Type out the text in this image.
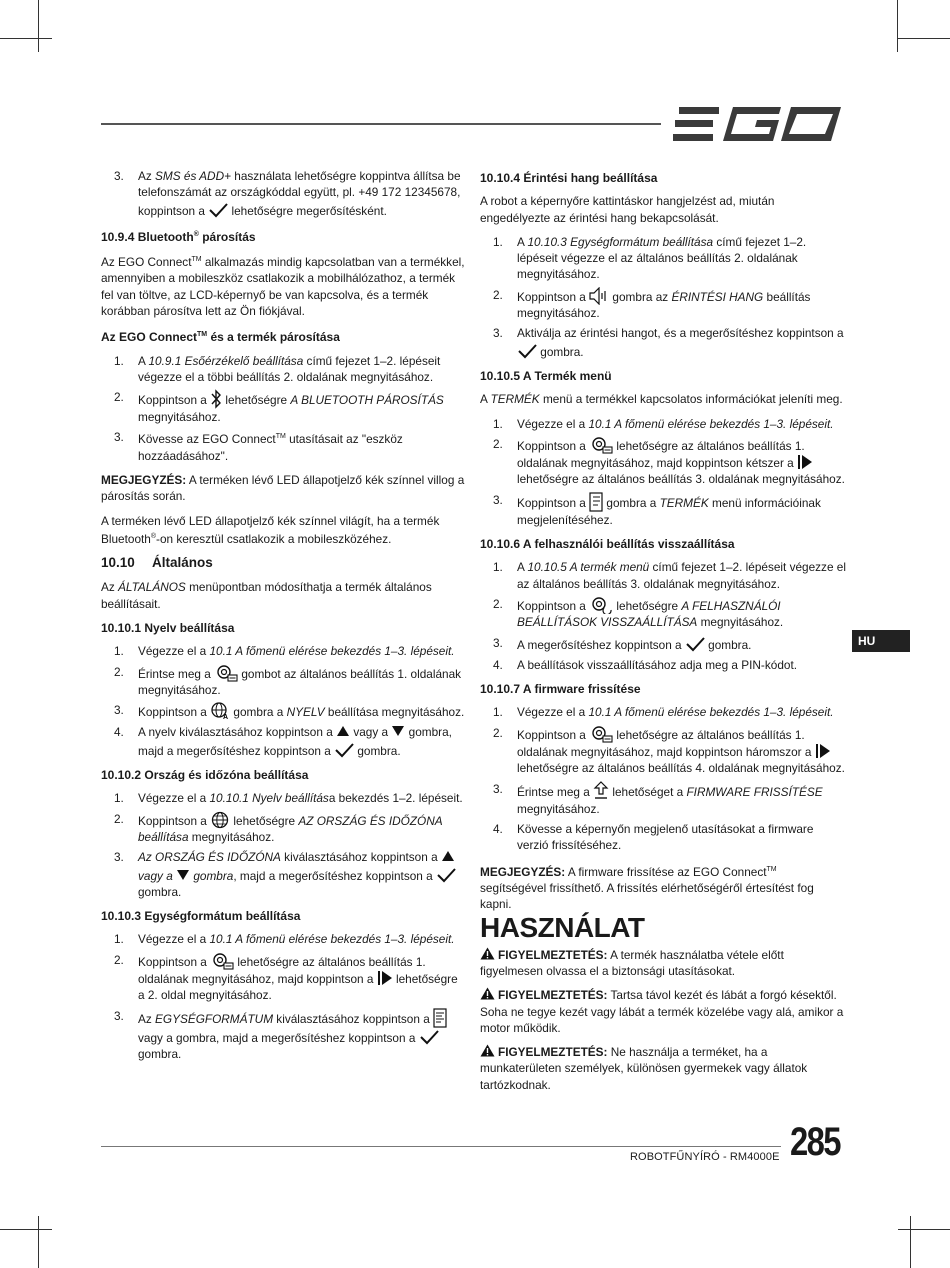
3. Az SMS és ADD+ használata lehetőségre koppintva állítsa be telefonszámát az országkóddal együtt, pl. +49 172 12345678, koppintson a
lehetőségre megerősítésként.
10.9.4 Bluetooth® párosítás

Az EGO Connect™ alkalmazás mindig kapcsolatban van a termékkel, amennyiben a mobileszköz csatlakozik a mobilhálózathoz, a termék fel van töltve, az LCD-képernyő be van kapcsolva, és a termék korábban párosítva lett az Ön fiókjával.

Az EGO Connect™ és a termék párosítása
1. A 10.9.1 Esőérzékelő beállítása című fejezet 1–2. lépéseit végezze el a többi beállítás 2. oldalának megnyitásához.
2. Koppintson a
lehetőségre A BLUETOOTH PÁROSÍTÁS megnyitásához.
3. Kövesse az EGO Connect™ utasításait az "eszköz hozzáadásához".

MEGJEGYZÉS: A terméken lévő LED állapotjelző kék színnel villog a párosítás során.

A terméken lévő LED állapotjelző kék színnel világít, ha a termék Bluetooth®-on keresztül csatlakozik a mobileszközéhez.

10.10 Általános

Az ÁLTALÁNOS menüpontban módosíthatja a termék általános beállításait.

10.10.1 Nyelv beállítása
1. Végezze el a 10.1 A főmenü elérése bekezdés 1–3. lépéseit.
2. Érintse meg a
gombot az általános beállítás 1. oldalának megnyitásához.
3. Koppintson a A gombra a NYELV beállítása megnyitásához.
4. A nyelv kiválasztásához koppintson a
vagy a
gombra, majd a megerősítéshez koppintson a
gombra.
10.10.2 Ország és időzóna beállítása
1. Végezze el a 10.10.1 Nyelv beállítása bekezdés 1–2. lépéseit.
2. Koppintson a
lehetőségre AZ ORSZÁG ÉS IDŐZÓNA beállítása megnyitásához.
3. Az ORSZÁG ÉS IDŐZÓNA kiválasztásához koppintson a
vagy a
gombra, majd a megerősítéshez koppintson a
gombra.
10.10.3 Egységformátum beállítása
1. Végezze el a 10.1 A főmenü elérése bekezdés 1–3. lépéseit.
2. Koppintson a
lehetőségre az általános beállítás 1. oldalának megnyitásához, majd koppintson a
lehetőségre a 2. oldal megnyitásához.
3. Az EGYSÉGFORMÁTUM kiválasztásához koppintson a
vagy a gombra, majd a megerősítéshez koppintson a
gombra.
10.10.4 Érintési hang beállítása

A robot a képernyőre kattintáskor hangjelzést ad, miután engedélyezte az érintési hang bekapcsolását.

1. A 10.10.3 Egységformátum beállítása című fejezet 1–2. lépéseit végezze el az általános beállítás 2. oldalának megnyitásához.
2. Koppintson a
gombra az ÉRINTÉSI HANG beállítás megnyitásához.
3. Aktiválja az érintési hangot, és a megerősítéshez koppintson a
gombra.
10.10.5 A Termék menü

A TERMÉK menü a termékkel kapcsolatos információkat jeleníti meg.

1. Végezze el a 10.1 A főmenü elérése bekezdés 1–3. lépéseit.
2. Koppintson a
lehetőségre az általános beállítás 1. oldalának megnyitásához, majd koppintson kétszer a
lehetőségre az általános beállítás 3. oldalának megnyitásához.
3. Koppintson a
gombra a TERMÉK menü információinak megjelenítéséhez.
10.10.6 A felhasználói beállítás visszaállítása
1. A 10.10.5 A termék menü című fejezet 1–2. lépéseit végezze el az általános beállítás 3. oldalának megnyitásához.
2. Koppintson a
lehetőségre A FELHASZNÁLÓI BEÁLLÍTÁSOK VISSZAÁLLÍTÁSA megnyitásához.
3. A megerősítéshez koppintson a
gombra.
4. A beállítások visszaállításához adja meg a PIN-kódot.
10.10.7 A firmware frissítése
1. Végezze el a 10.1 A főmenü elérése bekezdés 1–3. lépéseit.
2. Koppintson a
lehetőségre az általános beállítás 1. oldalának megnyitásához, majd koppintson háromszor a
lehetőségre az általános beállítás 4. oldalának megnyitásához.
3. Érintse meg a
lehetőséget a FIRMWARE FRISSÍTÉSE megnyitásához.
4. Kövesse a képernyőn megjelenő utasításokat a firmware verzió frissítéséhez.

MEGJEGYZÉS: A firmware frissítése az EGO Connect™ segítségével frissíthető. A frissítés elérhetőségéről értesítést fog kapni.

HASZNÁLAT

FIGYELMEZTETÉS: A termék használatba vétele előtt figyelmesen olvassa el a biztonsági utasításokat.

FIGYELMEZTETÉS: Tartsa távol kezét és lábát a forgó késektől. Soha ne tegye kezét vagy lábát a termék közelébe vagy alá, amikor a motor működik.

FIGYELMEZTETÉS: Ne használja a terméket, ha a munkaterületen személyek, különösen gyermekek vagy állatok tartózkodnak.

HU
ROBOTFŰNYÍRÓ - RM4000E 285
